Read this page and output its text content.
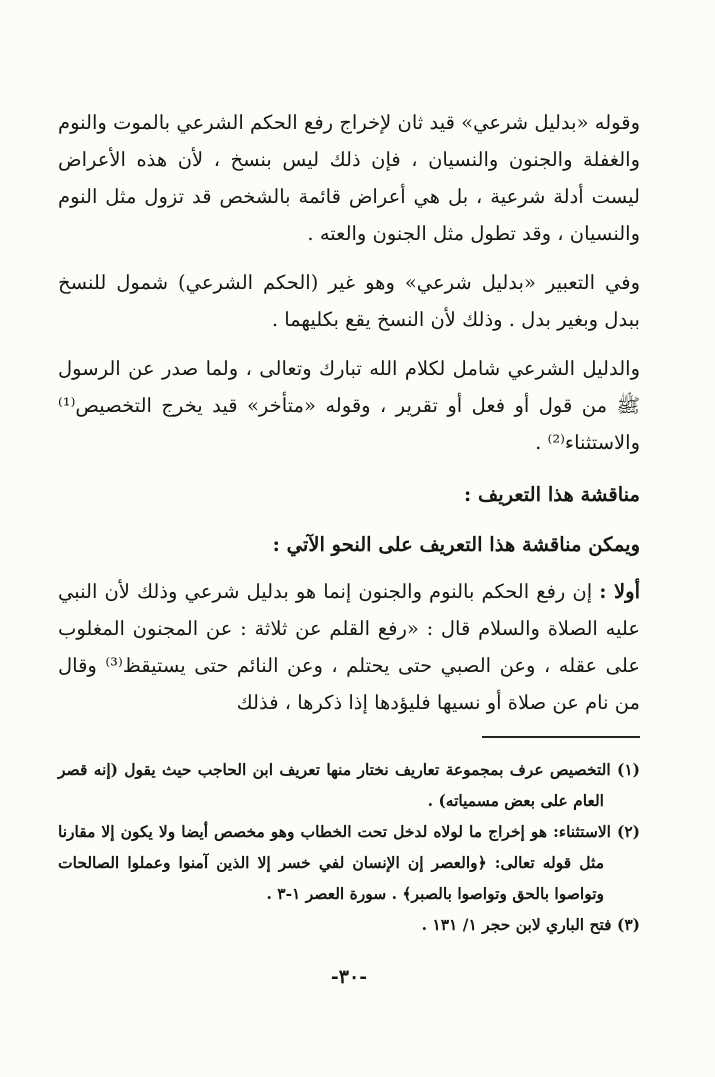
وقوله «بدليل شرعي» قيد ثان لإخراج رفع الحكم الشرعي بالموت والنوم والغفلة والجنون والنسيان ، فإن ذلك ليس بنسخ ، لأن هذه الأعراض ليست أدلة شرعية ، بل هي أعراض قائمة بالشخص قد تزول مثل النوم والنسيان ، وقد تطول مثل الجنون والعته .

وفي التعبير «بدليل شرعي» وهو غير (الحكم الشرعي) شمول للنسخ ببدل وبغير بدل . وذلك لأن النسخ يقع بكليهما .

والدليل الشرعي شامل لكلام الله تبارك وتعالى ، ولما صدر عن الرسول ﷺ من قول أو فعل أو تقرير ، وقوله «متأخر» قيد يخرج التخصيص⁽¹⁾ والاستثناء⁽²⁾ .

مناقشة هذا التعريف :

ويمكن مناقشة هذا التعريف على النحو الآتي :

أولا : إن رفع الحكم بالنوم والجنون إنما هو بدليل شرعي وذلك لأن النبي عليه الصلاة والسلام قال : «رفع القلم عن ثلاثة : عن المجنون المغلوب على عقله ، وعن الصبي حتى يحتلم ، وعن النائم حتى يستيقظ⁽³⁾ وقال من نام عن صلاة أو نسيها فليؤدها إذا ذكرها ، فذلك

(١) التخصيص عرف بمجموعة تعاريف نختار منها تعريف ابن الحاجب حيث يقول (إنه قصر العام على بعض مسمياته) .

(٢) الاستثناء: هو إخراج ما لولاه لدخل تحت الخطاب وهو مخصص أيضا ولا يكون إلا مقارنا مثل قوله تعالى: ﴿والعصر إن الإنسان لفي خسر إلا الذين آمنوا وعملوا الصالحات وتواصوا بالحق وتواصوا بالصبر﴾ . سورة العصر ١-٣ .

(٣) فتح الباري لابن حجر ١/ ١٣١ .

-٣٠-
